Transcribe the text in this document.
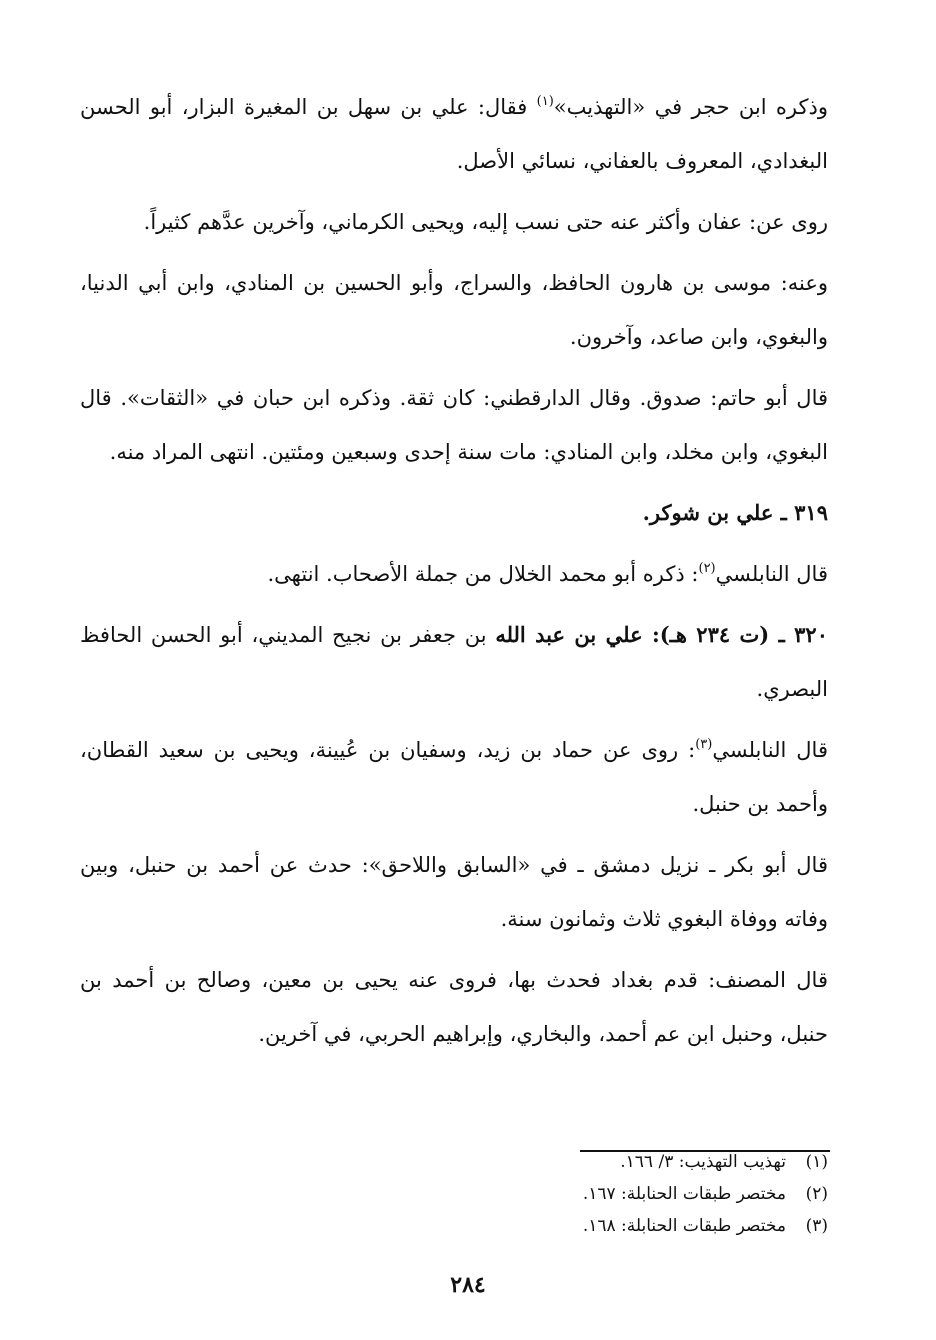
وذكره ابن حجر في «التهذيب»$^{(١)}$ فقال: علي بن سهل بن المغيرة البزار، أبو الحسن البغدادي، المعروف بالعفاني، نسائي الأصل.

روى عن: عفان وأكثر عنه حتى نسب إليه، ويحيى الكرماني، وآخرين عدَّهم كثيراً.

وعنه: موسى بن هارون الحافظ، والسراج، وأبو الحسين بن المنادي، وابن أبي الدنيا، والبغوي، وابن صاعد، وآخرون.

قال أبو حاتم: صدوق. وقال الدارقطني: كان ثقة. وذكره ابن حبان في «الثقات». قال البغوي، وابن مخلد، وابن المنادي: مات سنة إحدى وسبعين ومئتين. انتهى المراد منه.

٣١٩ ـ علي بن شوكر.

قال النابلسي$^{(٢)}$: ذكره أبو محمد الخلال من جملة الأصحاب. انتهى.

٣٢٠ ـ (ت ٢٣٤ هـ): علي بن عبد الله بن جعفر بن نجيح المديني، أبو الحسن الحافظ البصري.

قال النابلسي$^{(٣)}$: روى عن حماد بن زيد، وسفيان بن عُيينة، ويحيى بن سعيد القطان، وأحمد بن حنبل.

قال أبو بكر ـ نزيل دمشق ـ في «السابق واللاحق»: حدث عن أحمد بن حنبل، وبين وفاته ووفاة البغوي ثلاث وثمانون سنة.

قال المصنف: قدم بغداد فحدث بها، فروى عنه يحيى بن معين، وصالح بن أحمد بن حنبل، وحنبل ابن عم أحمد، والبخاري، وإبراهيم الحربي، في آخرين.

(١)تهذيب التهذيب: ٣/ ١٦٦.
(٢)مختصر طبقات الحنابلة: ١٦٧.
(٣)مختصر طبقات الحنابلة: ١٦٨.
٢٨٤
